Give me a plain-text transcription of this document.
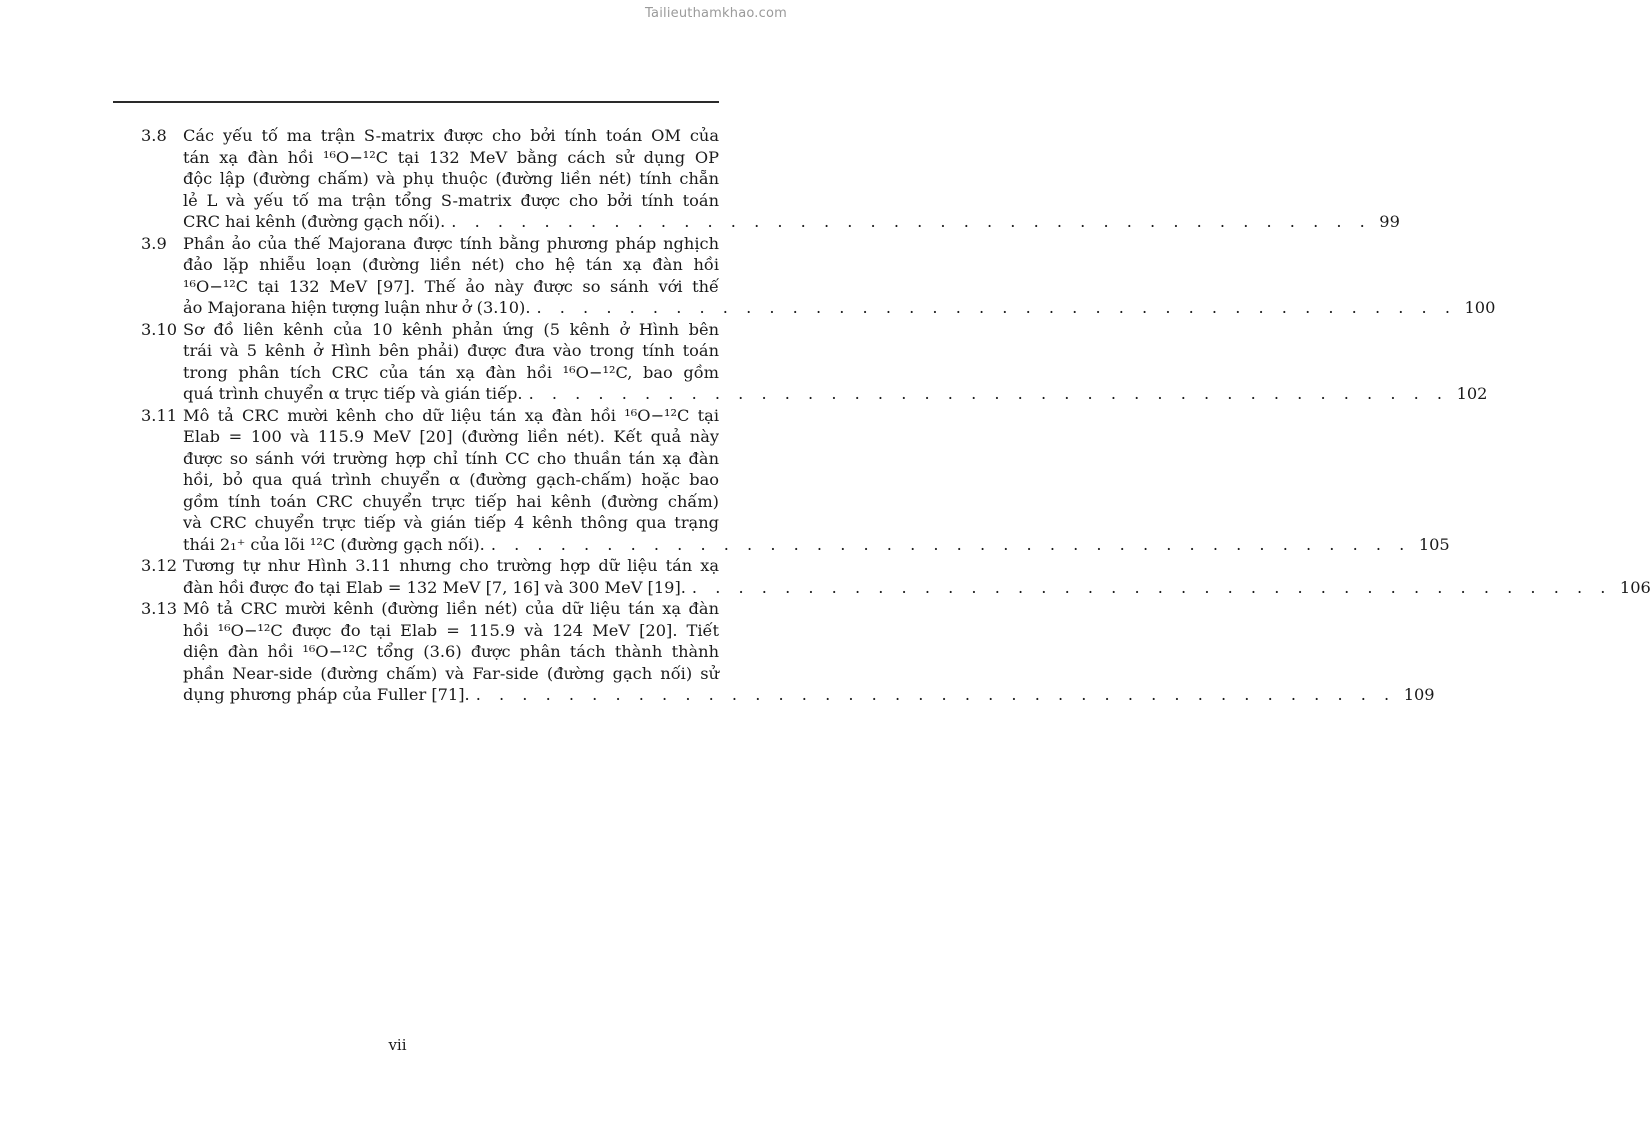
Tailieuthamkhao.com
3.8 Các yếu tố ma trận S-matrix được cho bởi tính toán OM của
tán xạ đàn hồi ¹⁶O−¹²C tại 132 MeV bằng cách sử dụng OP
độc lập (đường chấm) và phụ thuộc (đường liền nét) tính chẵn
lẻ L và yếu tố ma trận tổng S-matrix được cho bởi tính toán
CRC hai kênh (đường gạch nối). . . . . . . . . . . . . . . . . . . . . . . . . . . . . . . . . . . . . . . . . 99
3.9 Phần ảo của thế Majorana được tính bằng phương pháp nghịch
đảo lặp nhiễu loạn (đường liền nét) cho hệ tán xạ đàn hồi
¹⁶O−¹²C tại 132 MeV [97]. Thế ảo này được so sánh với thế
ảo Majorana hiện tượng luận như ở (3.10). . . . . . . . . . . . . . . . . . . . . . . . . . . . . . . . . . . . . . . . . 100
3.10 Sơ đồ liên kênh của 10 kênh phản ứng (5 kênh ở Hình bên
trái và 5 kênh ở Hình bên phải) được đưa vào trong tính toán
trong phân tích CRC của tán xạ đàn hồi ¹⁶O−¹²C, bao gồm
quá trình chuyển α trực tiếp và gián tiếp. . . . . . . . . . . . . . . . . . . . . . . . . . . . . . . . . . . . . . . . . 102
3.11 Mô tả CRC mười kênh cho dữ liệu tán xạ đàn hồi ¹⁶O−¹²C tại
Elab = 100 và 115.9 MeV [20] (đường liền nét). Kết quả này
được so sánh với trường hợp chỉ tính CC cho thuần tán xạ đàn
hồi, bỏ qua quá trình chuyển α (đường gạch-chấm) hoặc bao
gồm tính toán CRC chuyển trực tiếp hai kênh (đường chấm)
và CRC chuyển trực tiếp và gián tiếp 4 kênh thông qua trạng
thái 2₁⁺ của lõi ¹²C (đường gạch nối). . . . . . . . . . . . . . . . . . . . . . . . . . . . . . . . . . . . . . . . . 105
3.12 Tương tự như Hình 3.11 nhưng cho trường hợp dữ liệu tán xạ
đàn hồi được đo tại Elab = 132 MeV [7, 16] và 300 MeV [19]. . . . . . . . . . . . . . . . . . . . . . . . . . . . . . . . . . . . . . . . . 106
3.13 Mô tả CRC mười kênh (đường liền nét) của dữ liệu tán xạ đàn
hồi ¹⁶O−¹²C được đo tại Elab = 115.9 và 124 MeV [20]. Tiết
diện đàn hồi ¹⁶O−¹²C tổng (3.6) được phân tách thành thành
phần Near-side (đường chấm) và Far-side (đường gạch nối) sử
dụng phương pháp của Fuller [71]. . . . . . . . . . . . . . . . . . . . . . . . . . . . . . . . . . . . . . . . . 109
vii
